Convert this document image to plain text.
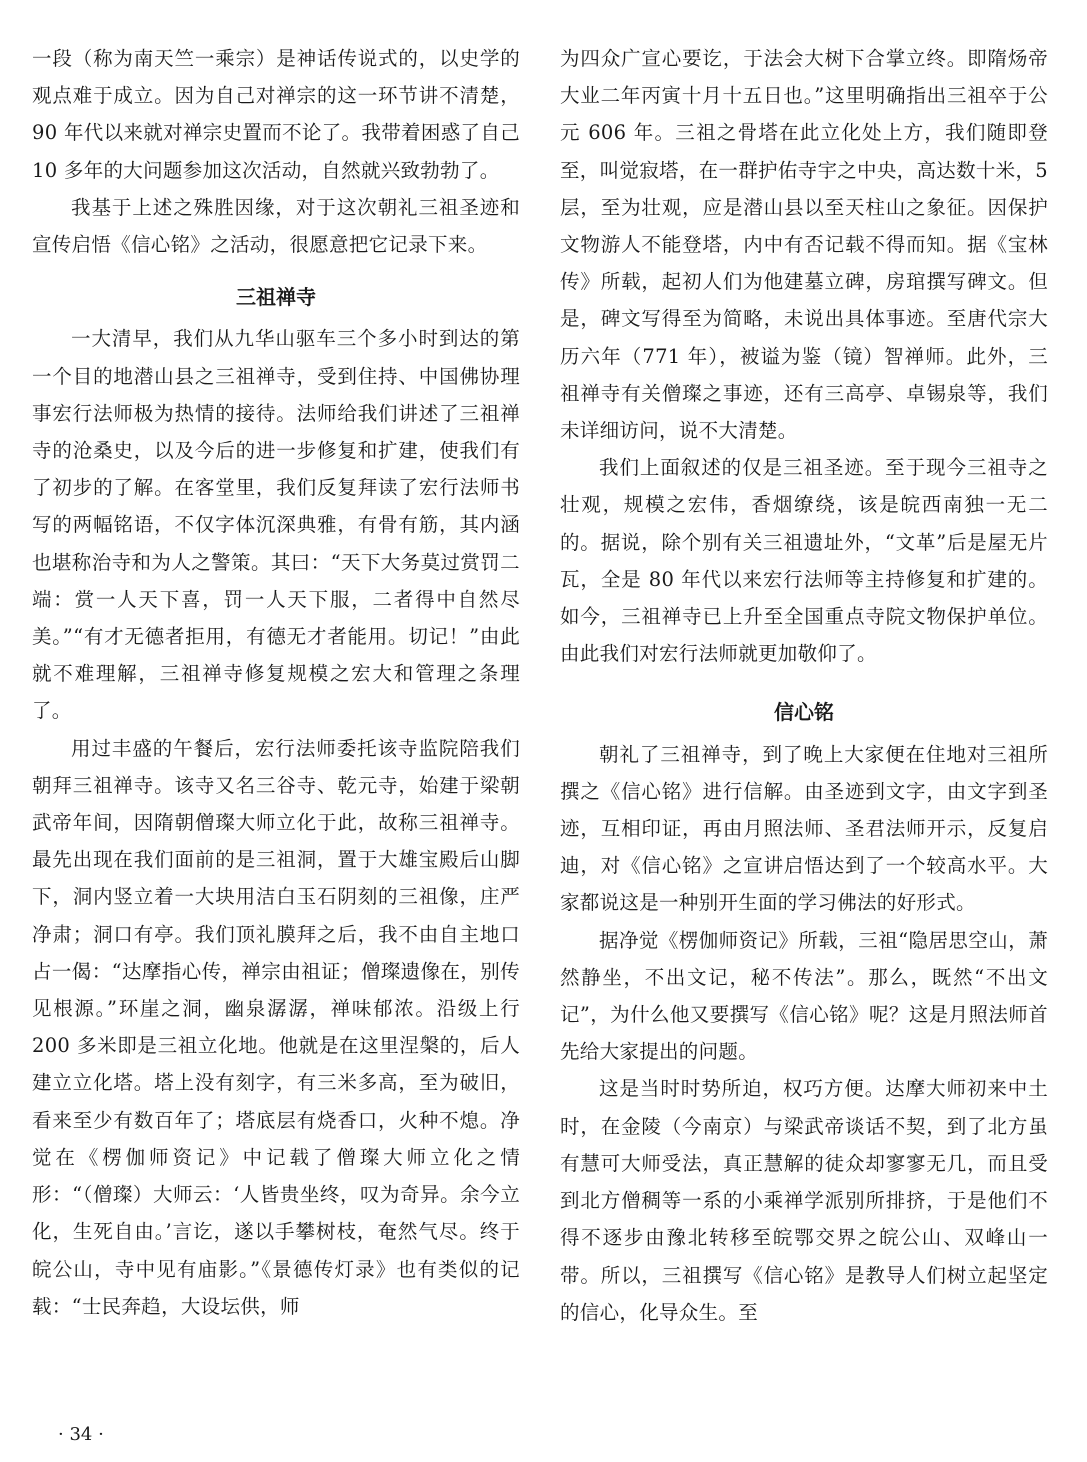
一段（称为南天竺一乘宗）是神话传说式的，以史学的观点难于成立。因为自己对禅宗的这一环节讲不清楚，90 年代以来就对禅宗史置而不论了。我带着困惑了自己 10 多年的大问题参加这次活动，自然就兴致勃勃了。

我基于上述之殊胜因缘，对于这次朝礼三祖圣迹和宣传启悟《信心铭》之活动，很愿意把它记录下来。

三祖禅寺

一大清早，我们从九华山驱车三个多小时到达的第一个目的地潜山县之三祖禅寺，受到住持、中国佛协理事宏行法师极为热情的接待。法师给我们讲述了三祖禅寺的沧桑史，以及今后的进一步修复和扩建，使我们有了初步的了解。在客堂里，我们反复拜读了宏行法师书写的两幅铭语，不仅字体沉深典雅，有骨有筋，其内涵也堪称治寺和为人之警策。其曰：“天下大务莫过赏罚二端：赏一人天下喜，罚一人天下服，二者得中自然尽美。”“有才无德者拒用，有德无才者能用。切记！”由此就不难理解，三祖禅寺修复规模之宏大和管理之条理了。

用过丰盛的午餐后，宏行法师委托该寺监院陪我们朝拜三祖禅寺。该寺又名三谷寺、乾元寺，始建于梁朝武帝年间，因隋朝僧璨大师立化于此，故称三祖禅寺。最先出现在我们面前的是三祖洞，置于大雄宝殿后山脚下，洞内竖立着一大块用洁白玉石阴刻的三祖像，庄严净肃；洞口有亭。我们顶礼膜拜之后，我不由自主地口占一偈：“达摩指心传，禅宗由祖证；僧璨遗像在，别传见根源。”环崖之洞，幽泉潺潺，禅味郁浓。沿级上行 200 多米即是三祖立化地。他就是在这里涅槃的，后人建立立化塔。塔上没有刻字，有三米多高，至为破旧，看来至少有数百年了；塔底层有烧香口，火种不熄。净觉在《楞伽师资记》中记载了僧璨大师立化之情形：“（僧璨）大师云：‘人皆贵坐终，叹为奇异。余今立化，生死自由。’言讫，遂以手攀树枝，奄然气尽。终于皖公山，寺中见有庙影。”《景德传灯录》也有类似的记载：“士民奔趋，大设坛供，师

为四众广宣心要讫，于法会大树下合掌立终。即隋炀帝大业二年丙寅十月十五日也。”这里明确指出三祖卒于公元 606 年。三祖之骨塔在此立化处上方，我们随即登至，叫觉寂塔，在一群护佑寺宇之中央，高达数十米，5 层，至为壮观，应是潜山县以至天柱山之象征。因保护文物游人不能登塔，内中有否记载不得而知。据《宝林传》所载，起初人们为他建墓立碑，房琯撰写碑文。但是，碑文写得至为简略，未说出具体事迹。至唐代宗大历六年（771 年），被谥为鉴（镜）智禅师。此外，三祖禅寺有关僧璨之事迹，还有三高亭、卓锡泉等，我们未详细访问，说不大清楚。

我们上面叙述的仅是三祖圣迹。至于现今三祖寺之壮观，规模之宏伟，香烟缭绕，该是皖西南独一无二的。据说，除个别有关三祖遗址外，“文革”后是屋无片瓦，全是 80 年代以来宏行法师等主持修复和扩建的。如今，三祖禅寺已上升至全国重点寺院文物保护单位。由此我们对宏行法师就更加敬仰了。

信心铭

朝礼了三祖禅寺，到了晚上大家便在住地对三祖所撰之《信心铭》进行信解。由圣迹到文字，由文字到圣迹，互相印证，再由月照法师、圣君法师开示，反复启迪，对《信心铭》之宣讲启悟达到了一个较高水平。大家都说这是一种别开生面的学习佛法的好形式。

据净觉《楞伽师资记》所载，三祖“隐居思空山，萧然静坐，不出文记，秘不传法”。那么，既然“不出文记”，为什么他又要撰写《信心铭》呢？这是月照法师首先给大家提出的问题。

这是当时时势所迫，权巧方便。达摩大师初来中土时，在金陵（今南京）与梁武帝谈话不契，到了北方虽有慧可大师受法，真正慧解的徒众却寥寥无几，而且受到北方僧稠等一系的小乘禅学派别所排挤，于是他们不得不逐步由豫北转移至皖鄂交界之皖公山、双峰山一带。所以，三祖撰写《信心铭》是教导人们树立起坚定的信心，化导众生。至

· 34 ·
